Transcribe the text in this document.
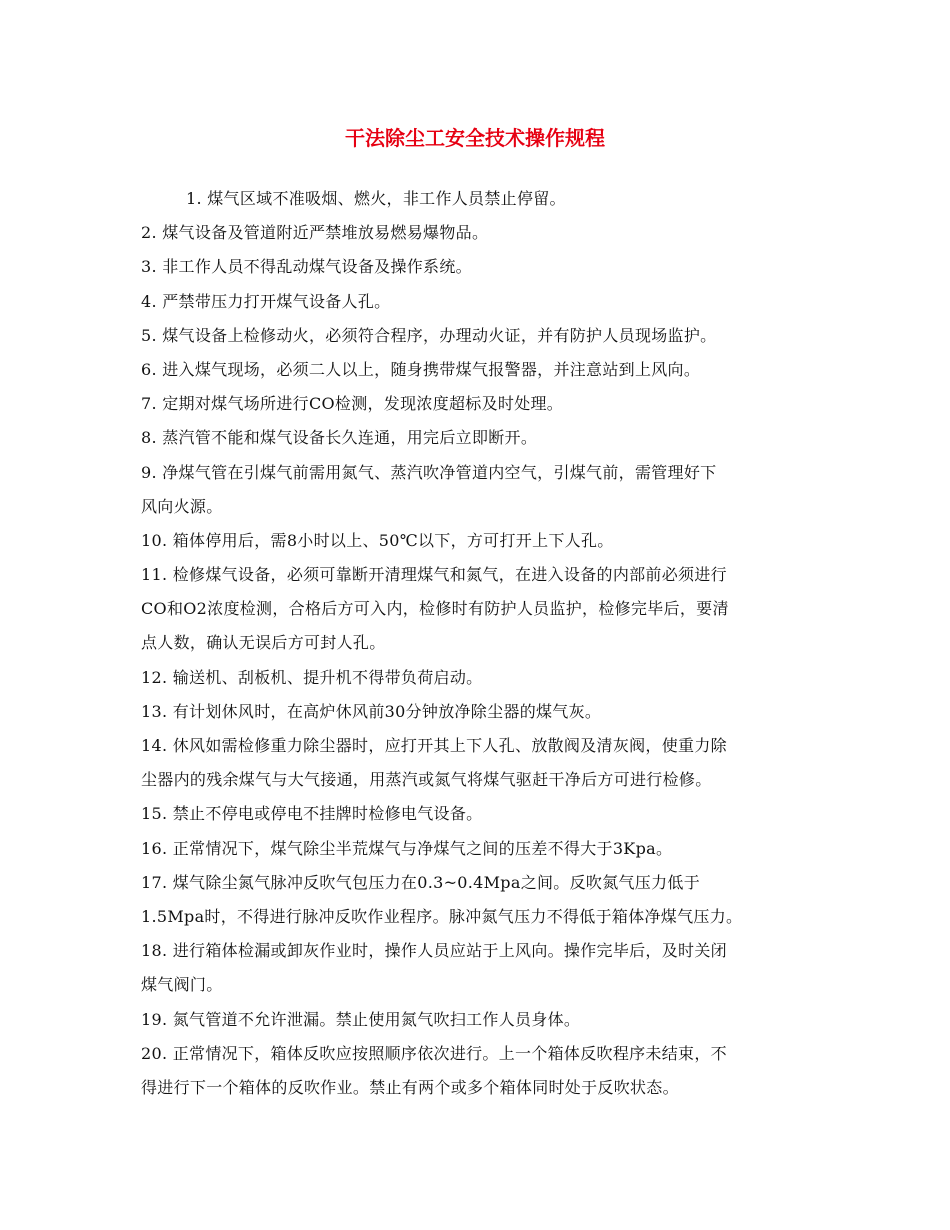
干法除尘工安全技术操作规程
1. 煤气区域不准吸烟、燃火，非工作人员禁止停留。
2. 煤气设备及管道附近严禁堆放易燃易爆物品。
3. 非工作人员不得乱动煤气设备及操作系统。
4. 严禁带压力打开煤气设备人孔。
5. 煤气设备上检修动火，必须符合程序，办理动火证，并有防护人员现场监护。
6. 进入煤气现场，必须二人以上，随身携带煤气报警器，并注意站到上风向。
7. 定期对煤气场所进行CO检测，发现浓度超标及时处理。
8. 蒸汽管不能和煤气设备长久连通，用完后立即断开。
9. 净煤气管在引煤气前需用氮气、蒸汽吹净管道内空气，引煤气前，需管理好下
风向火源。
10. 箱体停用后，需8小时以上、50℃以下，方可打开上下人孔。
11. 检修煤气设备，必须可靠断开清理煤气和氮气，在进入设备的内部前必须进行
CO和O2浓度检测，合格后方可入内，检修时有防护人员监护，检修完毕后，要清
点人数，确认无误后方可封人孔。
12. 输送机、刮板机、提升机不得带负荷启动。
13. 有计划休风时，在高炉休风前30分钟放净除尘器的煤气灰。
14. 休风如需检修重力除尘器时，应打开其上下人孔、放散阀及清灰阀，使重力除
尘器内的残余煤气与大气接通，用蒸汽或氮气将煤气驱赶干净后方可进行检修。
15. 禁止不停电或停电不挂牌时检修电气设备。
16. 正常情况下，煤气除尘半荒煤气与净煤气之间的压差不得大于3Kpa。
17. 煤气除尘氮气脉冲反吹气包压力在0.3~0.4Mpa之间。反吹氮气压力低于
1.5Mpa时，不得进行脉冲反吹作业程序。脉冲氮气压力不得低于箱体净煤气压力。
18. 进行箱体检漏或卸灰作业时，操作人员应站于上风向。操作完毕后，及时关闭
煤气阀门。
19. 氮气管道不允许泄漏。禁止使用氮气吹扫工作人员身体。
20. 正常情况下，箱体反吹应按照顺序依次进行。上一个箱体反吹程序未结束，不
得进行下一个箱体的反吹作业。禁止有两个或多个箱体同时处于反吹状态。
